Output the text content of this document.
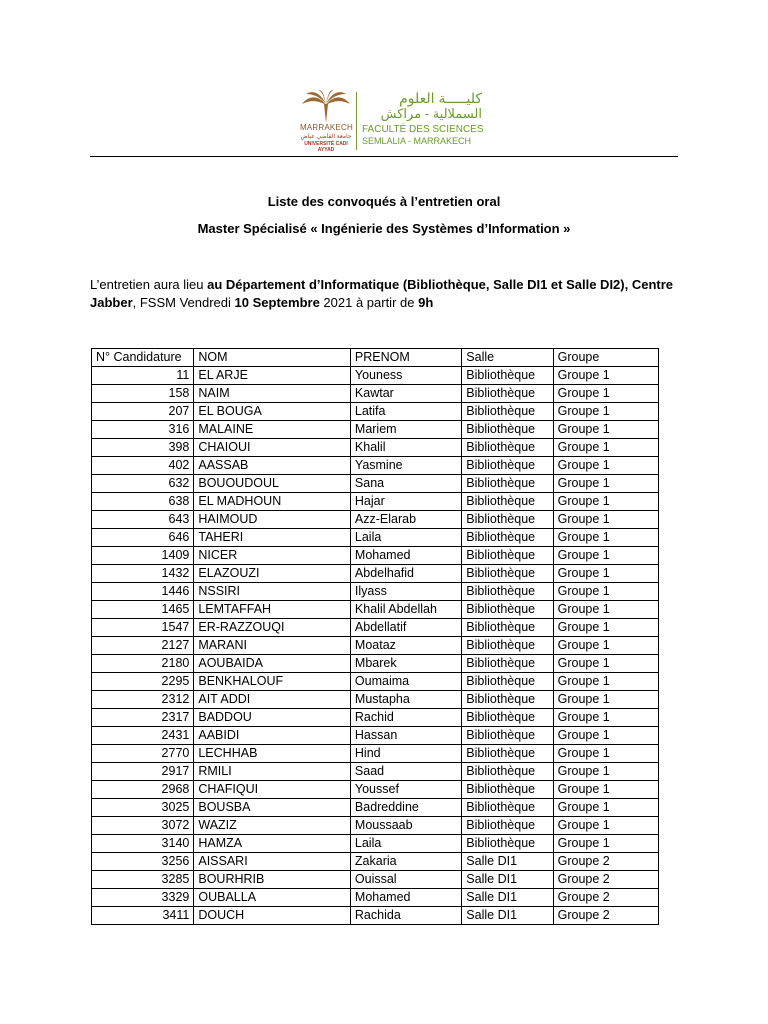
MARRAKECH
جامعة القاضي عياض
UNIVERSITÉ CADI AYYAD
كليـــــة العلوم
السملالية - مراكش
FACULTÉ DES SCIENCES
SEMLALIA - MARRAKECH
Liste des convoqués à l’entretien oral
Master Spécialisé « Ingénierie des Systèmes d’Information »
L’entretien aura lieu au Département d’Informatique (Bibliothèque, Salle DI1 et Salle DI2), Centre Jabber, FSSM Vendredi 10 Septembre 2021 à partir de 9h
N° Candidature	NOM	PRENOM	Salle	Groupe
11	EL ARJE	Youness	Bibliothèque	Groupe 1
158	NAIM	Kawtar	Bibliothèque	Groupe 1
207	EL BOUGA	Latifa	Bibliothèque	Groupe 1
316	MALAINE	Mariem	Bibliothèque	Groupe 1
398	CHAIOUI	Khalil	Bibliothèque	Groupe 1
402	AASSAB	Yasmine	Bibliothèque	Groupe 1
632	BOUOUDOUL	Sana	Bibliothèque	Groupe 1
638	EL MADHOUN	Hajar	Bibliothèque	Groupe 1
643	HAIMOUD	Azz-Elarab	Bibliothèque	Groupe 1
646	TAHERI	Laila	Bibliothèque	Groupe 1
1409	NICER	Mohamed	Bibliothèque	Groupe 1
1432	ELAZOUZI	Abdelhafid	Bibliothèque	Groupe 1
1446	NSSIRI	Ilyass	Bibliothèque	Groupe 1
1465	LEMTAFFAH	Khalil Abdellah	Bibliothèque	Groupe 1
1547	ER-RAZZOUQI	Abdellatif	Bibliothèque	Groupe 1
2127	MARANI	Moataz	Bibliothèque	Groupe 1
2180	AOUBAIDA	Mbarek	Bibliothèque	Groupe 1
2295	BENKHALOUF	Oumaima	Bibliothèque	Groupe 1
2312	AIT ADDI	Mustapha	Bibliothèque	Groupe 1
2317	BADDOU	Rachid	Bibliothèque	Groupe 1
2431	AABIDI	Hassan	Bibliothèque	Groupe 1
2770	LECHHAB	Hind	Bibliothèque	Groupe 1
2917	RMILI	Saad	Bibliothèque	Groupe 1
2968	CHAFIQUI	Youssef	Bibliothèque	Groupe 1
3025	BOUSBA	Badreddine	Bibliothèque	Groupe 1
3072	WAZIZ	Moussaab	Bibliothèque	Groupe 1
3140	HAMZA	Laila	Bibliothèque	Groupe 1
3256	AISSARI	Zakaria	Salle DI1	Groupe 2
3285	BOURHRIB	Ouissal	Salle DI1	Groupe 2
3329	OUBALLA	Mohamed	Salle DI1	Groupe 2
3411	DOUCH	Rachida	Salle DI1	Groupe 2
